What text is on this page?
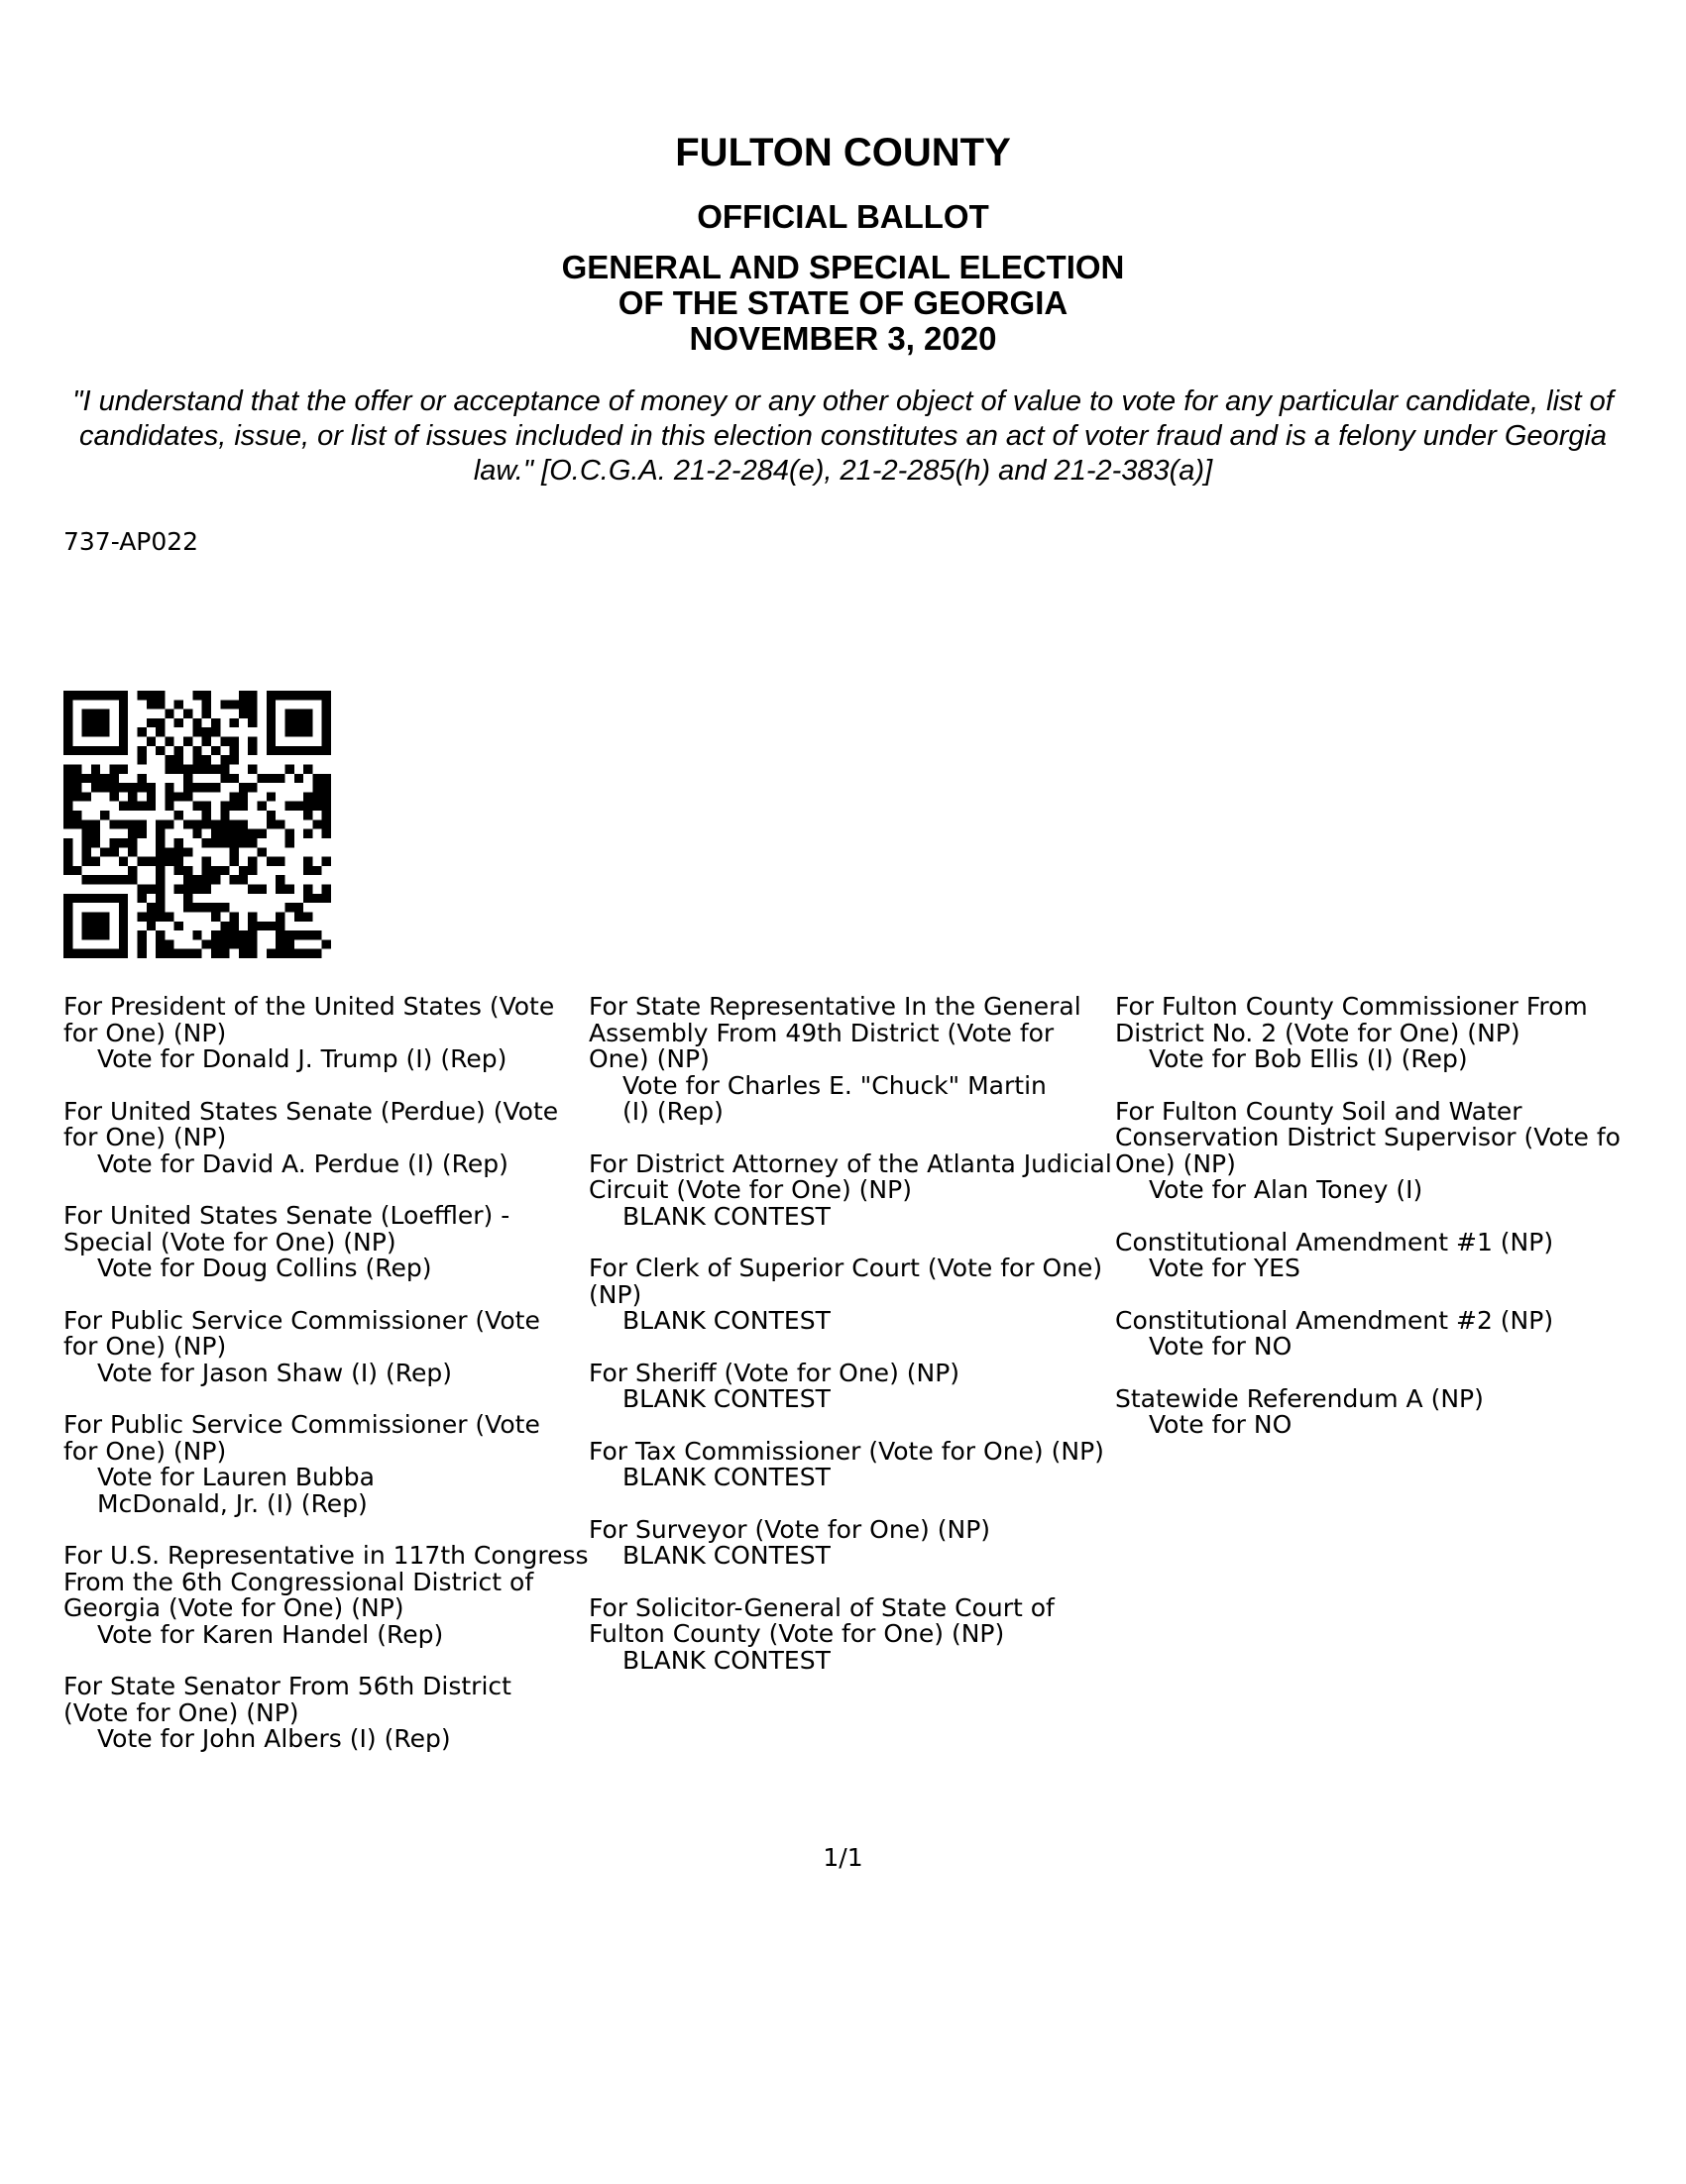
FULTON COUNTY
OFFICIAL BALLOT
GENERAL AND SPECIAL ELECTION
OF THE STATE OF GEORGIA
NOVEMBER 3, 2020
"I understand that the offer or acceptance of money or any other object of value to vote for any particular candidate, list of candidates, issue, or list of issues included in this election constitutes an act of voter fraud and is a felony under Georgia law." [O.C.G.A. 21-2-284(e), 21-2-285(h) and 21-2-383(a)]
737-AP022
For President of the United States (Vote
for One) (NP)
Vote for Donald J. Trump (I) (Rep)
For United States Senate (Perdue) (Vote
for One) (NP)
Vote for David A. Perdue (I) (Rep)
For United States Senate (Loeffler) -
Special (Vote for One) (NP)
Vote for Doug Collins (Rep)
For Public Service Commissioner (Vote
for One) (NP)
Vote for Jason Shaw (I) (Rep)
For Public Service Commissioner (Vote
for One) (NP)
Vote for Lauren Bubba
McDonald, Jr. (I) (Rep)
For U.S. Representative in 117th Congress
From the 6th Congressional District of
Georgia (Vote for One) (NP)
Vote for Karen Handel (Rep)
For State Senator From 56th District
(Vote for One) (NP)
Vote for John Albers (I) (Rep)
For State Representative In the General
Assembly From 49th District (Vote for
One) (NP)
Vote for Charles E. "Chuck" Martin
(I) (Rep)
For District Attorney of the Atlanta Judicial
Circuit (Vote for One) (NP)
BLANK CONTEST
For Clerk of Superior Court (Vote for One)
(NP)
BLANK CONTEST
For Sheriff (Vote for One) (NP)
BLANK CONTEST
For Tax Commissioner (Vote for One) (NP)
BLANK CONTEST
For Surveyor (Vote for One) (NP)
BLANK CONTEST
For Solicitor-General of State Court of
Fulton County (Vote for One) (NP)
BLANK CONTEST
For Fulton County Commissioner From
District No. 2 (Vote for One) (NP)
Vote for Bob Ellis (I) (Rep)
For Fulton County Soil and Water
Conservation District Supervisor (Vote fo
One) (NP)
Vote for Alan Toney (I)
Constitutional Amendment #1 (NP)
Vote for YES
Constitutional Amendment #2 (NP)
Vote for NO
Statewide Referendum A (NP)
Vote for NO
1/1
